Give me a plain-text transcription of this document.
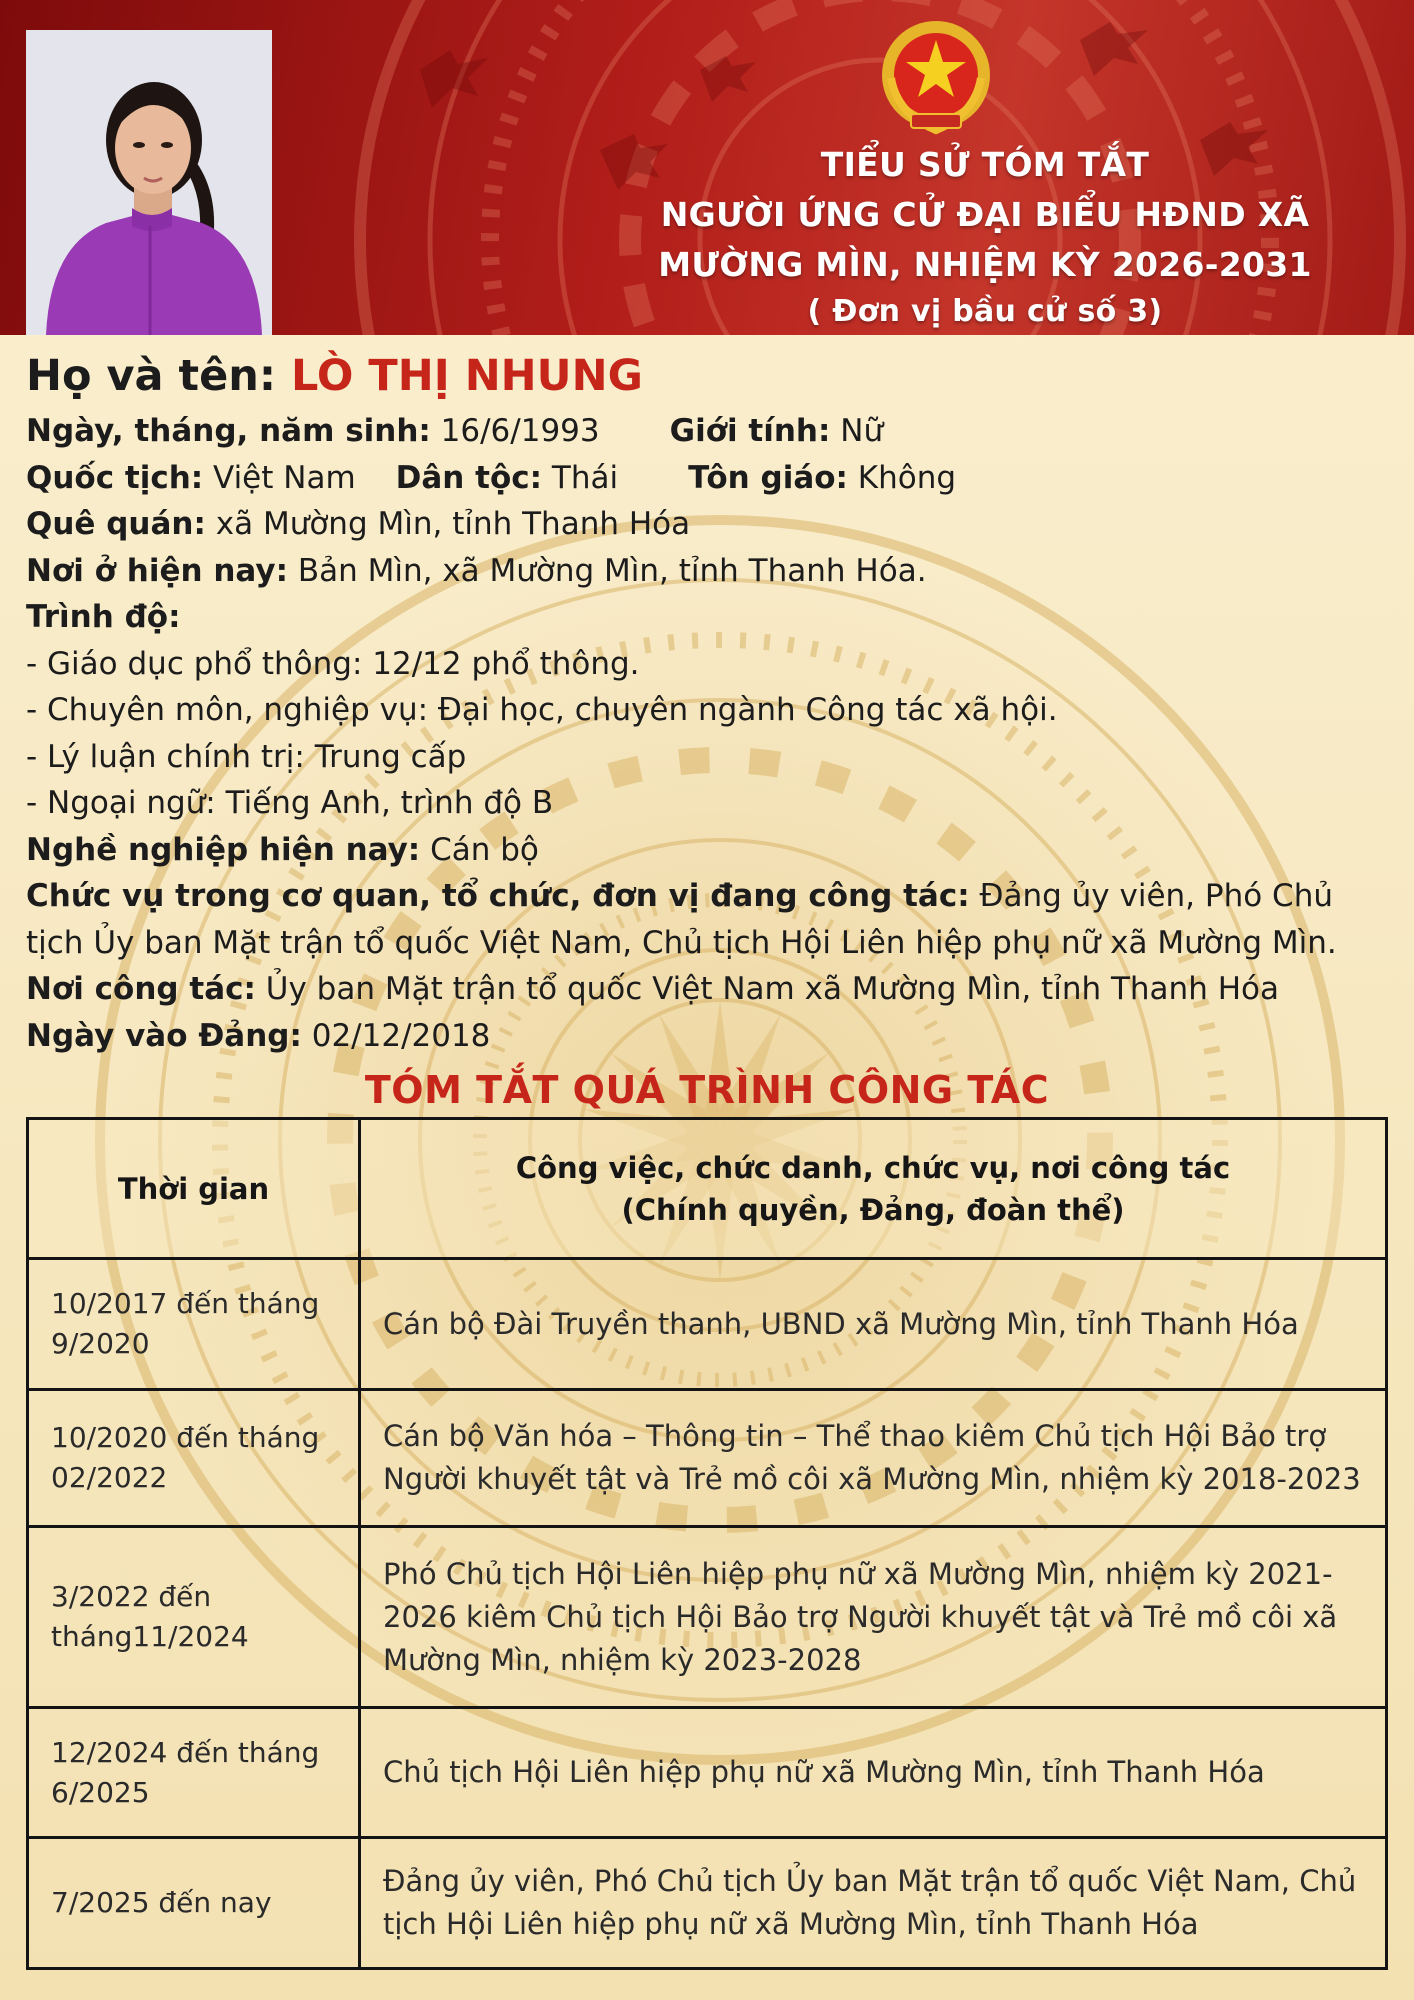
TIỂU SỬ TÓM TẮT
NGƯỜI ỨNG CỬ ĐẠI BIỂU HĐND XÃ
MƯỜNG MÌN, NHIỆM KỲ 2026-2031
( Đơn vị bầu cử số 3)
Họ và tên: LÒ THỊ NHUNG
Ngày, tháng, năm sinh: 16/6/1993 Giới tính: Nữ
Quốc tịch: Việt Nam Dân tộc: Thái Tôn giáo: Không
Quê quán: xã Mường Mìn, tỉnh Thanh Hóa
Nơi ở hiện nay: Bản Mìn, xã Mường Mìn, tỉnh Thanh Hóa.
Trình độ:
- Giáo dục phổ thông: 12/12 phổ thông.
- Chuyên môn, nghiệp vụ: Đại học, chuyên ngành Công tác xã hội.
- Lý luận chính trị: Trung cấp
- Ngoại ngữ: Tiếng Anh, trình độ B
Nghề nghiệp hiện nay: Cán bộ
Chức vụ trong cơ quan, tổ chức, đơn vị đang công tác: Đảng ủy viên, Phó Chủ tịch Ủy ban Mặt trận tổ quốc Việt Nam, Chủ tịch Hội Liên hiệp phụ nữ xã Mường Mìn.
Nơi công tác: Ủy ban Mặt trận tổ quốc Việt Nam xã Mường Mìn, tỉnh Thanh Hóa
Ngày vào Đảng: 02/12/2018
TÓM TẮT QUÁ TRÌNH CÔNG TÁC
Thời gian	Công việc, chức danh, chức vụ, nơi công tác
(Chính quyền, Đảng, đoàn thể)

10/2017 đến tháng 9/2020	Cán bộ Đài Truyền thanh, UBND xã Mường Mìn, tỉnh Thanh Hóa
10/2020 đến tháng 02/2022	Cán bộ Văn hóa – Thông tin – Thể thao kiêm Chủ tịch Hội Bảo trợ Người khuyết tật và Trẻ mồ côi xã Mường Mìn, nhiệm kỳ 2018-2023
3/2022 đến tháng11/2024	Phó Chủ tịch Hội Liên hiệp phụ nữ xã Mường Mìn, nhiệm kỳ 2021-2026 kiêm Chủ tịch Hội Bảo trợ Người khuyết tật và Trẻ mồ côi xã Mường Mìn, nhiệm kỳ 2023-2028
12/2024 đến tháng 6/2025	Chủ tịch Hội Liên hiệp phụ nữ xã Mường Mìn, tỉnh Thanh Hóa
7/2025 đến nay	Đảng ủy viên, Phó Chủ tịch Ủy ban Mặt trận tổ quốc Việt Nam, Chủ tịch Hội Liên hiệp phụ nữ xã Mường Mìn, tỉnh Thanh Hóa
